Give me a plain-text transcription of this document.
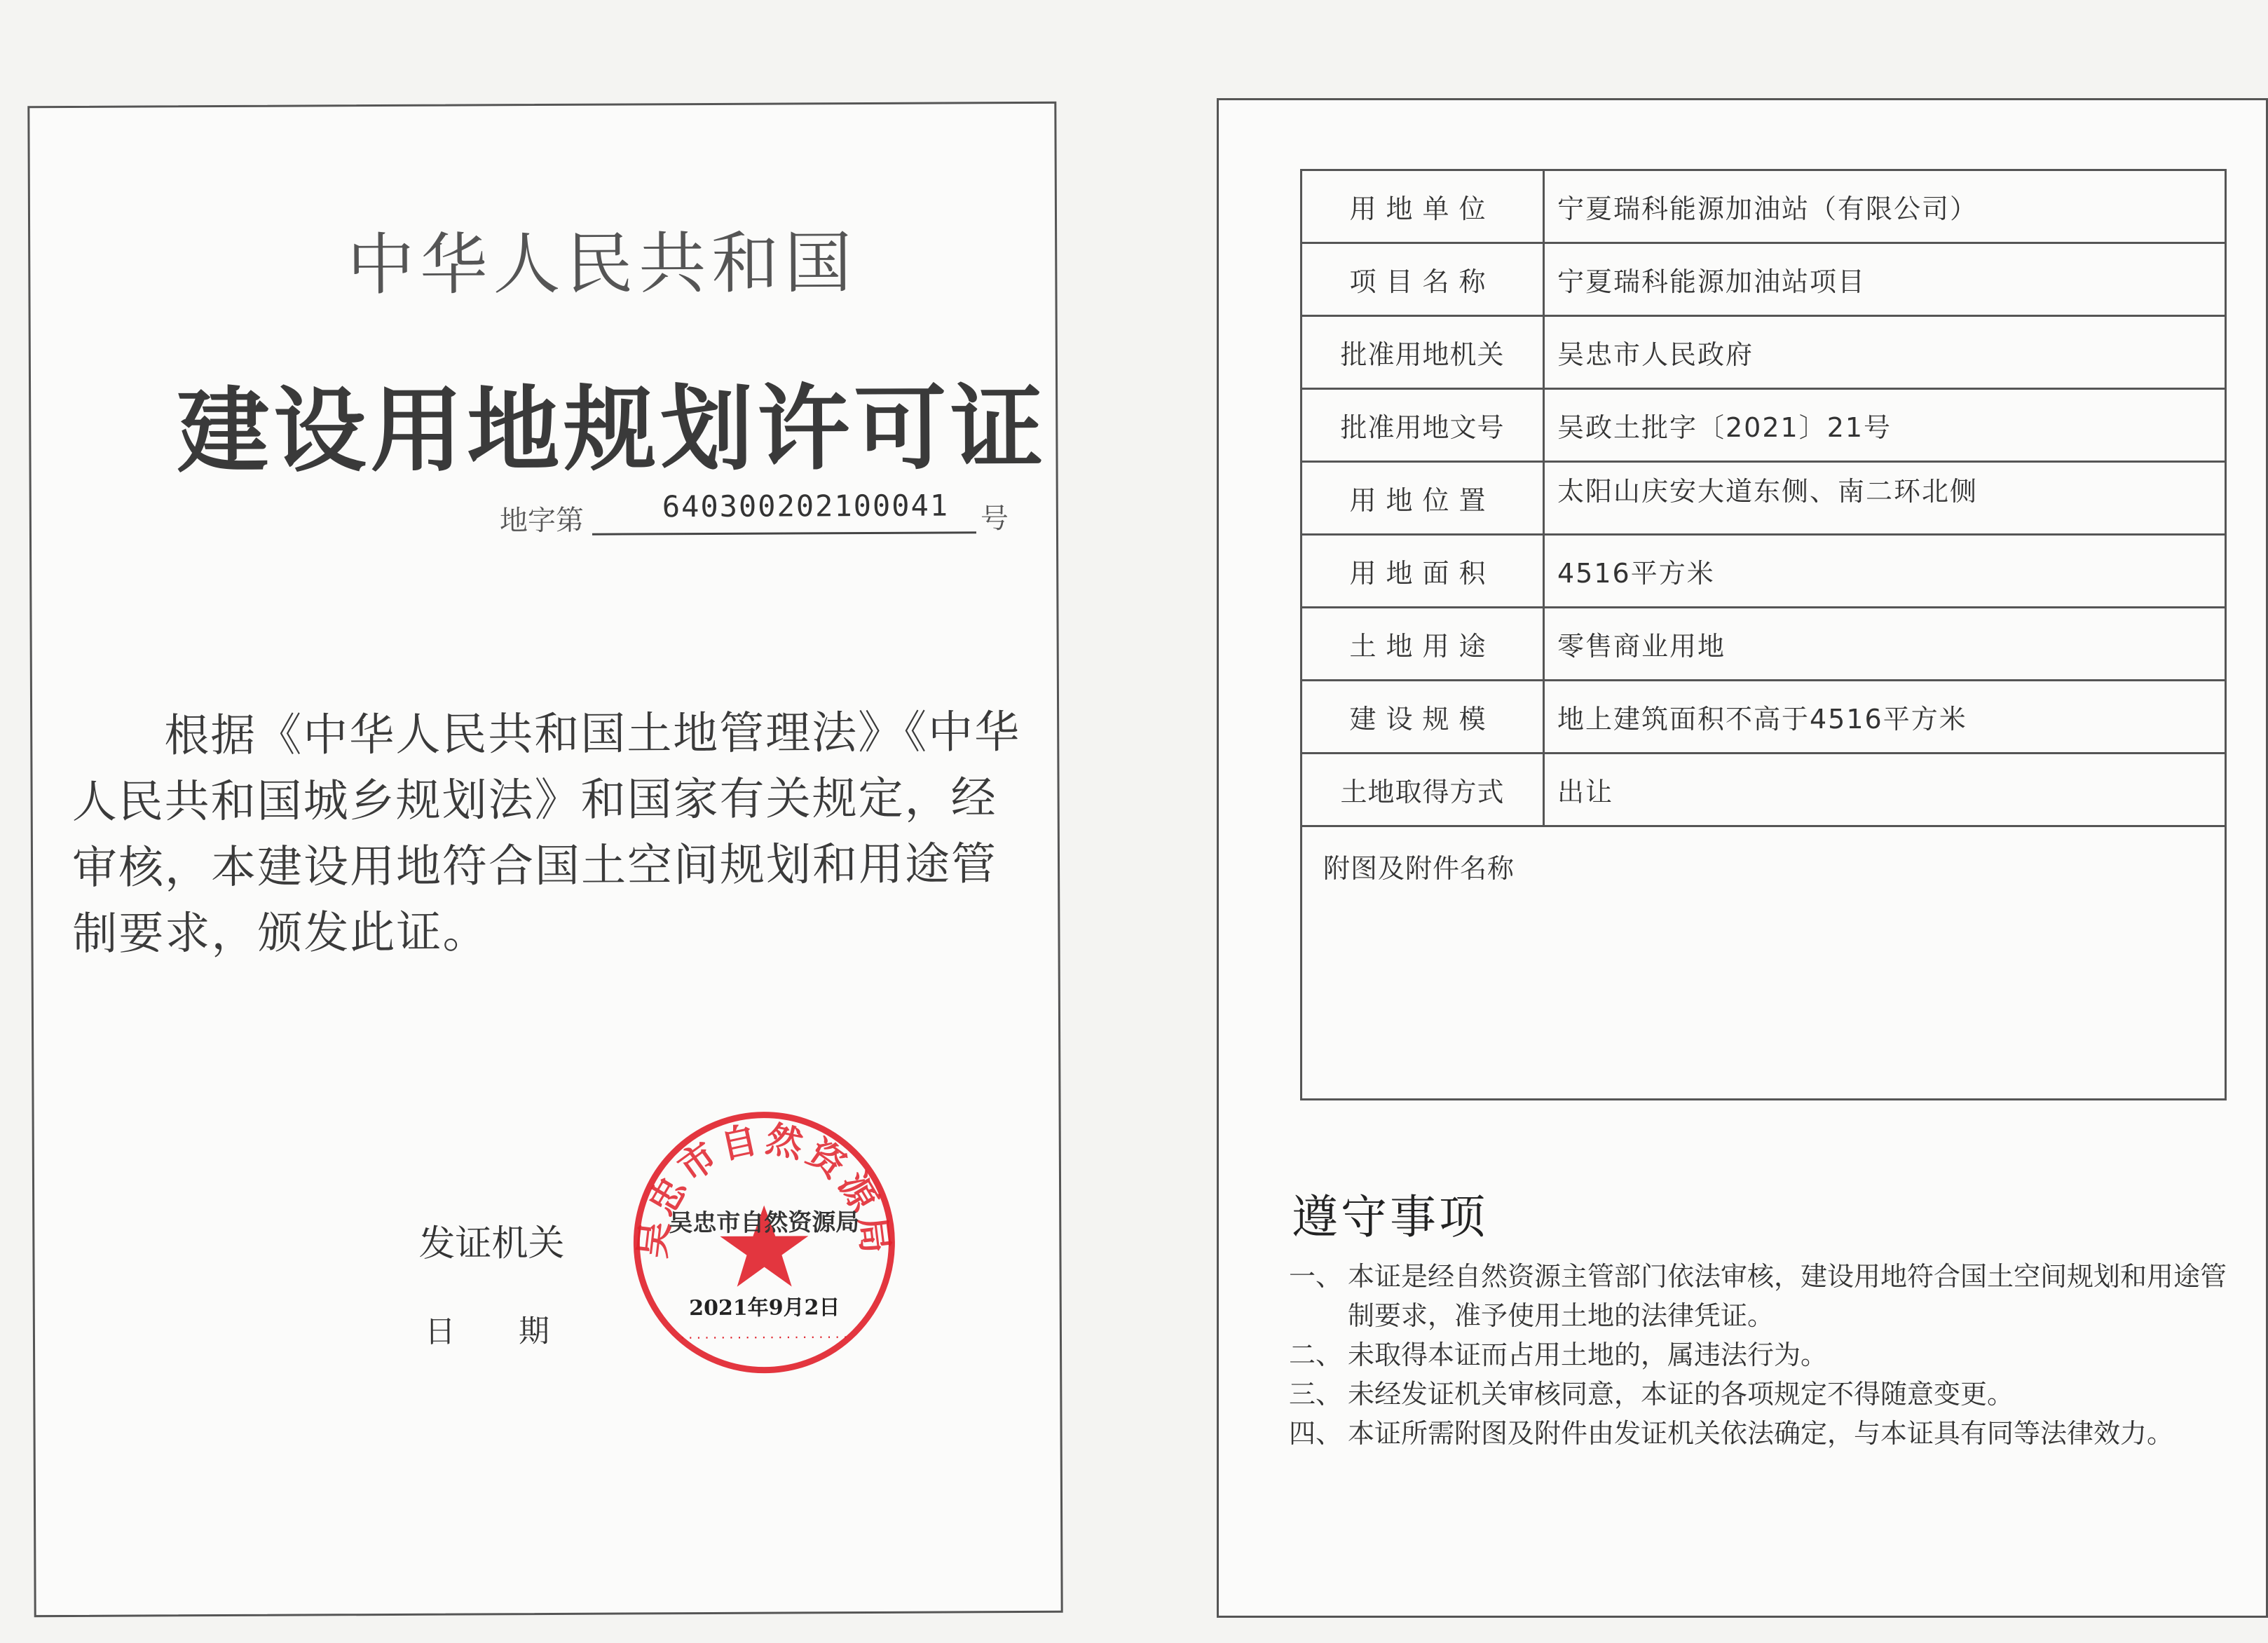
中华人民共和国
建设用地规划许可证
地字第	640300202100041 号
根据《中华人民共和国土地管理法》《中华人民共和国城乡规划法》和国家有关规定，经审核，本建设用地符合国土空间规划和用途管制要求，颁发此证。
发证机关
日期
吴忠市自然资源局
吴忠市自然资源局
2021年9月2日
·····················
用地单位	宁夏瑞科能源加油站（有限公司）
项目名称	宁夏瑞科能源加油站项目
批准用地机关	吴忠市人民政府
批准用地文号	吴政土批字〔2021〕21号
用地位置	太阳山庆安大道东侧、南二环北侧
用地面积	4516平方米
土地用途	零售商业用地
建设规模	地上建筑面积不高于4516平方米
土地取得方式	出让
附图及附件名称	
遵守事项
一、 本证是经自然资源主管部门依法审核，建设用地符合国土空间规划和用途管制要求，准予使用土地的法律凭证。
二、 未取得本证而占用土地的，属违法行为。
三、 未经发证机关审核同意，本证的各项规定不得随意变更。
四、 本证所需附图及附件由发证机关依法确定，与本证具有同等法律效力。
